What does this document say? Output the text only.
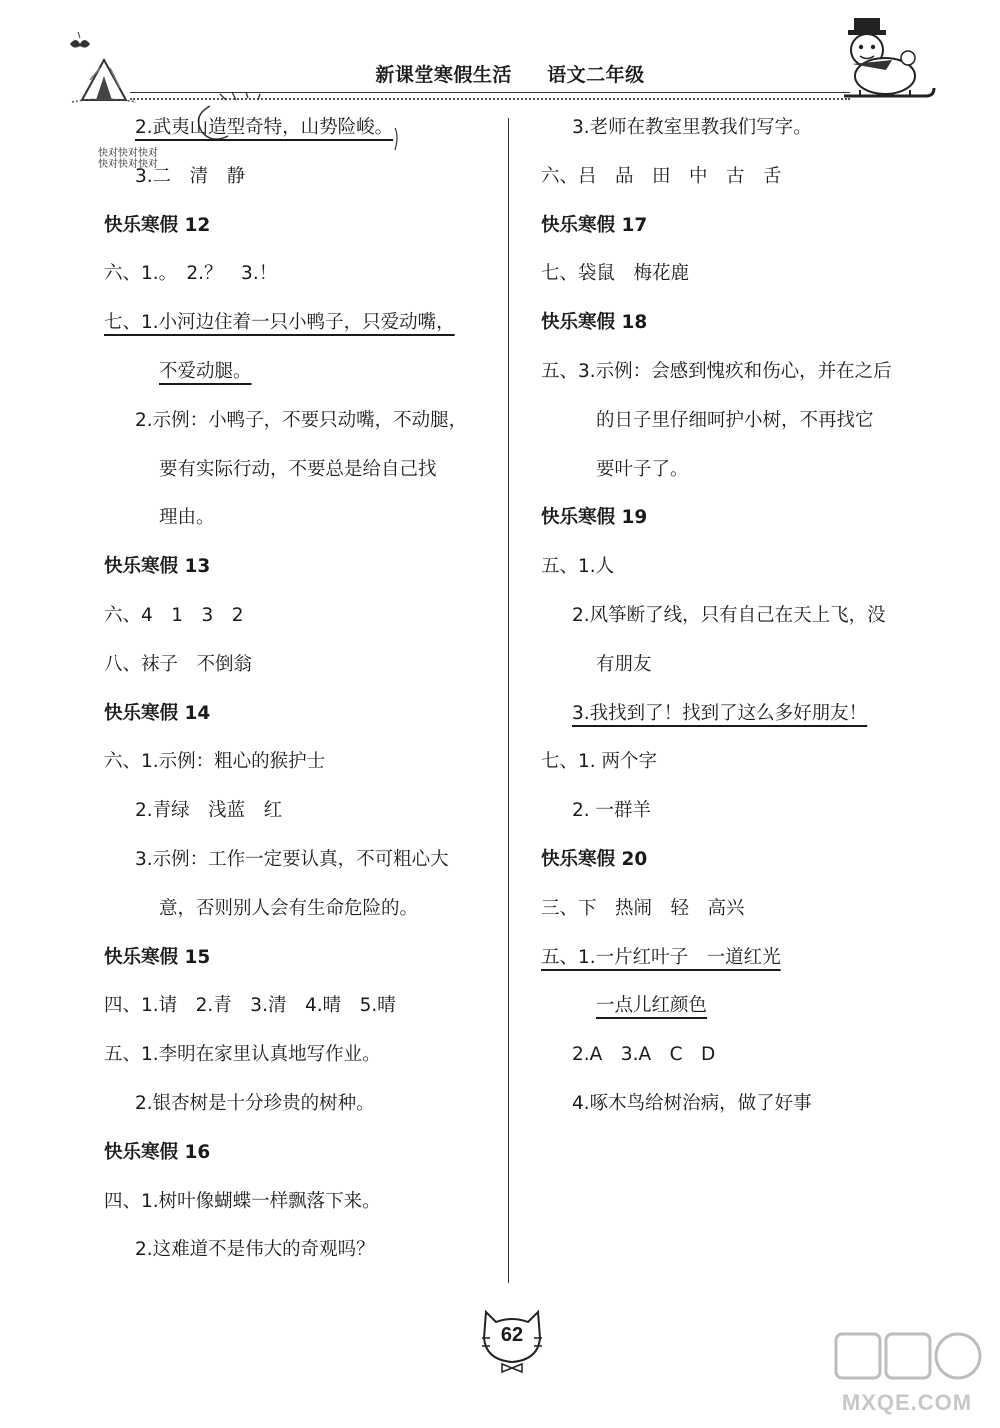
新课堂寒假生活 语文二年级
快对快对快对
快对快对快对
2.武夷山造型奇特，山势险峻。
3.二　清　静
快乐寒假 12
六、1.。　2.？　3.！
七、1.小河边住着一只小鸭子，只爱动嘴，
不爱动腿。
2.示例：小鸭子，不要只动嘴，不动腿，
要有实际行动，不要总是给自己找
理由。
快乐寒假 13
六、4　1　3　2
八、袜子　不倒翁
快乐寒假 14
六、1.示例：粗心的猴护士
2.青绿　浅蓝　红
3.示例：工作一定要认真，不可粗心大
意，否则别人会有生命危险的。
快乐寒假 15
四、1.请　2.青　3.清　4.晴　5.晴
五、1.李明在家里认真地写作业。
2.银杏树是十分珍贵的树种。
快乐寒假 16
四、1.树叶像蝴蝶一样飘落下来。
2.这难道不是伟大的奇观吗？
3.老师在教室里教我们写字。
六、吕　品　田　中　古　舌
快乐寒假 17
七、袋鼠　梅花鹿
快乐寒假 18
五、3.示例：会感到愧疚和伤心，并在之后
的日子里仔细呵护小树，不再找它
要叶子了。
快乐寒假 19
五、1.人
2.风筝断了线，只有自己在天上飞，没
有朋友
3.我找到了！找到了这么多好朋友！
七、1. 两个字
2. 一群羊
快乐寒假 20
三、下　热闹　轻　高兴
五、1.一片红叶子　一道红光
一点儿红颜色
2.A　3.A　C　D
4.啄木鸟给树治病，做了好事
62
MXQE.COM
